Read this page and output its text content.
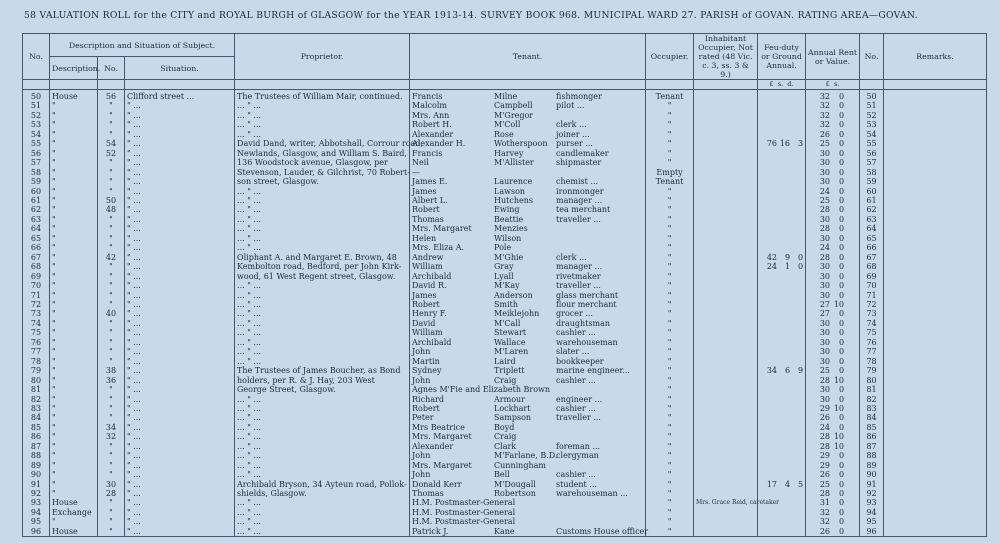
58 VALUATION ROLL for the CITY and ROYAL BURGH of GLASGOW for the YEAR 1913-14. SURVEY BOOK 968. MUNICIPAL WARD 27. PARISH of GOVAN. RATING AREA—GOVAN.
No.	Description and Situation of Subject.			Proprietor.	Tenant.	Occupier.	Inhabitant Occupier, Not rated (48 Vic. c. 3, ss. 3 & 9.)	Feu-duty or Ground Annual.	Annual Rent or Value.	No.	Remarks.
	Description.	No.	Situation.								
								£ s. d.	£ s.		
50	House	56	Clifford street ...	The Trustees of William Mair, continued.	Francis Milne fishmonger	Tenant			32 0	50	
51	"	"	" ...	... " ...	Malcolm Campbell pilot ...	"			32 0	51	
52	"	"	" ...	... " ...	Mrs. Ann M'Gregor	"			32 0	52	
53	"	"	" ...	... " ...	Robert H. M'Coll clerk ...	"			32 0	53	
54	"	"	" ...	... " ...	Alexander Rose joiner ...	"			26 0	54	
55	"	54	" ...	David Dand, writer, Abbotshall, Corrour road,	Alexander H. Wotherspoon purser ...	"		76 16 3	25 0	55	
56	"	52	" ...	Newlands, Glasgow, and William S. Baird,	Francis Harvey candlemaker	"			30 0	56	
57	"	"	" ...	136 Woodstock avenue, Glasgow, per	Neil M'Allister shipmaster	"			30 0	57	
58	"	"	" ...	Stevenson, Lauder, & Gilchrist, 70 Robert-	—	Empty			30 0	58	
59	"	"	" ...	son street, Glasgow.	James E. Laurence chemist ...	Tenant			30 0	59	
60	"	"	" ...	... " ...	James Lawson ironmonger	"			24 0	60	
61	"	50	" ...	... " ...	Albert L. Hutchens manager ...	"			25 0	61	
62	"	48	" ...	... " ...	Robert Ewing tea merchant	"			28 0	62	
63	"	"	" ...	... " ...	Thomas Beattie traveller ...	"			30 0	63	
64	"	"	" ...	... " ...	Mrs. Margaret Menzies	"			28 0	64	
65	"	"	" ...	... " ...	Helen Wilson	"			30 0	65	
66	"	"	" ...	... " ...	Mrs. Eliza A. Pole	"			24 0	66	
67	"	42	" ...	Oliphant A. and Margaret E. Brown, 48	Andrew M'Ghie clerk ...	"		42 9 0	28 0	67	
68	"	"	" ...	Kembolton road, Bedford, per John Kirk-	William Gray manager ...	"		24 1 0	30 0	68	
69	"	"	" ...	wood, 61 West Regent street, Glasgow.	Archibald Lyall rivetmaker	"			30 0	69	
70	"	"	" ...	... " ...	David R. M'Kay traveller ...	"			30 0	70	
71	"	"	" ...	... " ...	James Anderson glass merchant	"			30 0	71	
72	"	"	" ...	... " ...	Robert Smith flour merchant	"			27 10	72	
73	"	40	" ...	... " ...	Henry F. Meiklejohn grocer ...	"			27 0	73	
74	"	"	" ...	... " ...	David M'Call draughtsman	"			30 0	74	
75	"	"	" ...	... " ...	William Stewart cashier ...	"			30 0	75	
76	"	"	" ...	... " ...	Archibald Wallace warehouseman	"			30 0	76	
77	"	"	" ...	... " ...	John M'Laren slater ...	"			30 0	77	
78	"	"	" ...	... " ...	Martin Laird bookkeeper	"			30 0	78	
79	"	38	" ...	The Trustees of James Boucher, as Bond	Sydney Triplett marine engineer...	"		34 6 9	25 0	79	
80	"	36	" ...	holders, per R. & J. Hay, 203 West	John Craig cashier ...	"			28 10	80	
81	"	"	" ...	George Street, Glasgow.	Agnes M'Fie and Elizabeth Brown	"			30 0	81	
82	"	"	" ...	... " ...	Richard Armour engineer ...	"			30 0	82	
83	"	"	" ...	... " ...	Robert Lockhart cashier ...	"			29 10	83	
84	"	"	" ...	... " ...	Peter Sampson traveller ...	"			26 0	84	
85	"	34	" ...	... " ...	Mrs Beatrice Boyd	"			24 0	85	
86	"	32	" ...	... " ...	Mrs. Margaret Craig	"			28 10	86	
87	"	"	" ...	... " ...	Alexander Clark foreman ...	"			28 10	87	
88	"	"	" ...	... " ...	John M'Farlane, B.D.clergyman	"			29 0	88	
89	"	"	" ...	... " ...	Mrs. Margaret Cunningham	"			29 0	89	
90	"	"	" ...	... " ...	John Bell cashier ...	"			26 0	90	
91	"	30	" ...	Archibald Bryson, 34 Ayteun road, Pollok-	Donald Kerr M'Dougall student ...	"		17 4 5	25 0	91	
92	"	28	" ...	shields, Glasgow.	Thomas Robertson warehouseman ...	"			28 0	92	
93	House	"	" ...	... " ...	H.M. Postmaster-General	"	Mrs. Grace Reid, caretaker		31 0	93	
94	Exchange	"	" ...	... " ...	H.M. Postmaster-General	"			32 0	94	
95	"	"	" ...	... " ...	H.M. Postmaster-General	"			32 0	95	
96	House	"	" ...	... " ...	Patrick J. Kane Customs House officer	"			26 0	96	
